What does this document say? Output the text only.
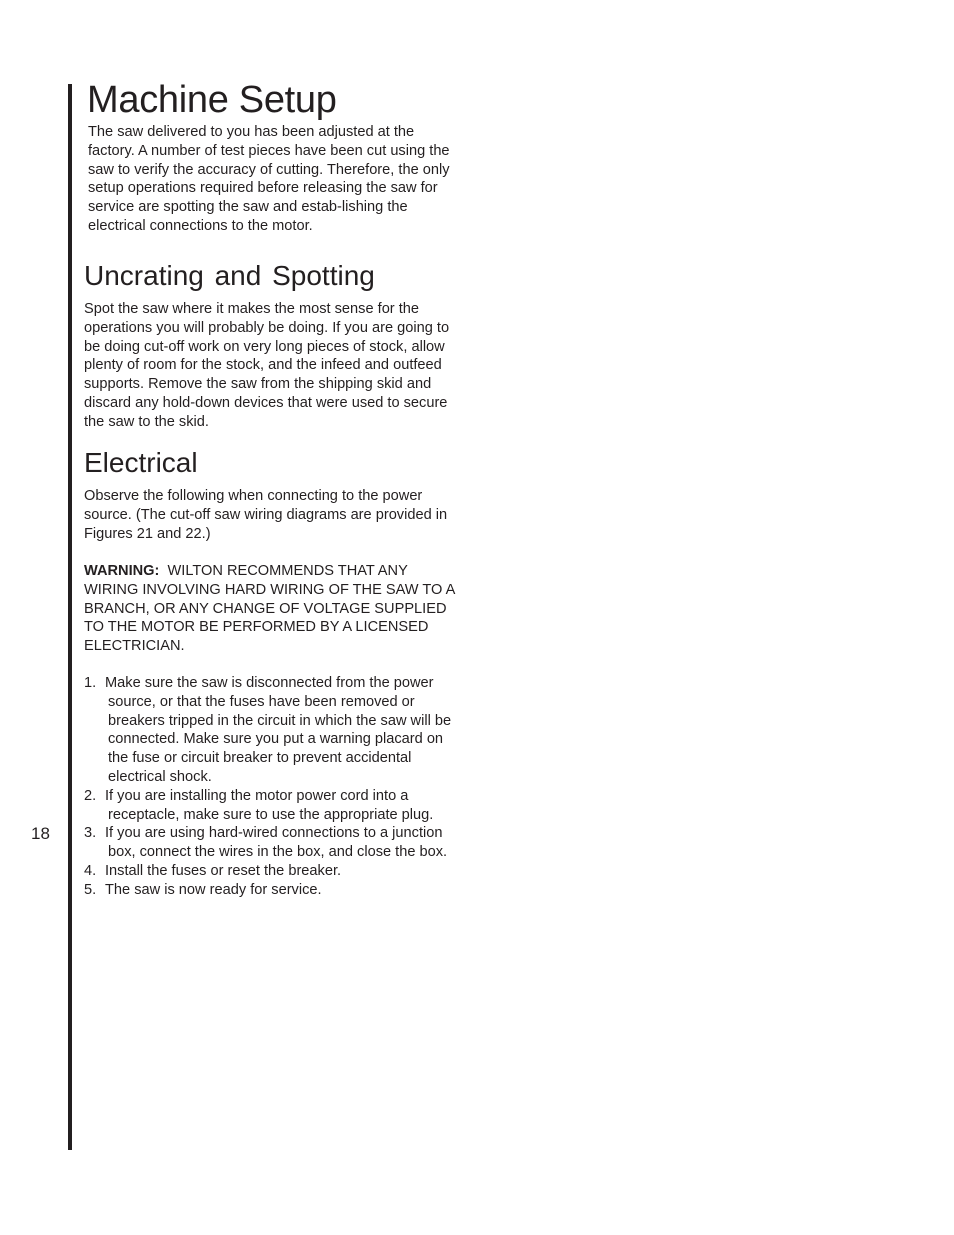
18
Machine Setup

The saw delivered to you has been adjusted at the factory. A number of test pieces have been cut using the saw to verify the accuracy of cutting. Therefore, the only setup operations required before releasing the saw for service are spotting the saw and estab-lishing the electrical connections to the motor.

Uncrating and Spotting

Spot the saw where it makes the most sense for the operations you will probably be doing. If you are going to be doing cut-off work on very long pieces of stock, allow plenty of room for the stock, and the infeed and outfeed supports. Remove the saw from the shipping skid and discard any hold-down devices that were used to secure the saw to the skid.

Electrical

Observe the following when connecting to the power source. (The cut-off saw wiring diagrams are provided in Figures 21 and 22.)

WARNING: WILTON RECOMMENDS THAT ANY WIRING INVOLVING HARD WIRING OF THE SAW TO A BRANCH, OR ANY CHANGE OF VOLTAGE SUPPLIED TO THE MOTOR BE PERFORMED BY A LICENSED ELECTRICIAN.

1. Make sure the saw is disconnected from the power source, or that the fuses have been removed or breakers tripped in the circuit in which the saw will be connected. Make sure you put a warning placard on the fuse or circuit breaker to prevent accidental electrical shock.
2. If you are installing the motor power cord into a receptacle, make sure to use the appropriate plug.
3. If you are using hard-wired connections to a junction box, connect the wires in the box, and close the box.
4. Install the fuses or reset the breaker.
5. The saw is now ready for service.
